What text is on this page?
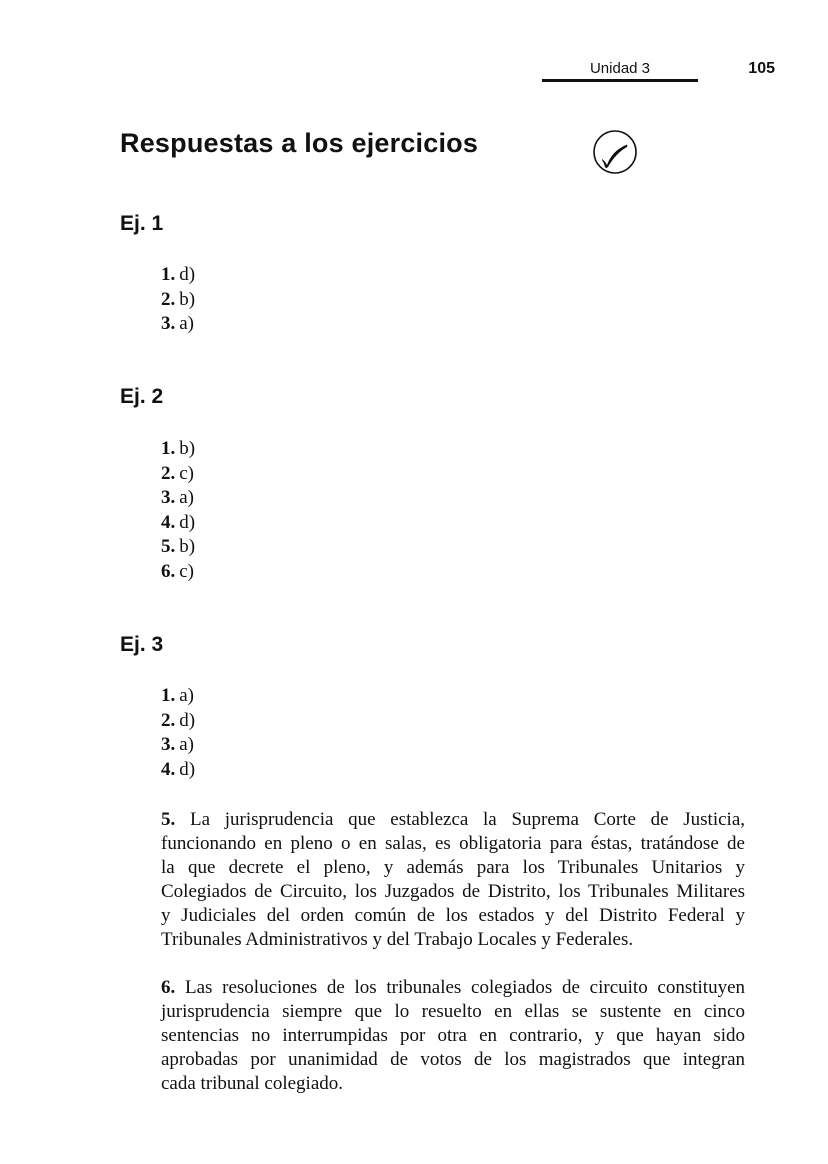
Unidad 3	105
Respuestas a los ejercicios
Ej. 1
1. d)
2. b)
3. a)
Ej. 2
1. b)
2. c)
3. a)
4. d)
5. b)
6. c)
Ej. 3
1. a)
2. d)
3. a)
4. d)
5. La jurisprudencia que establezca la Suprema Corte de Justicia,
funcionando en pleno o en salas, es obligatoria para éstas, tratándose de
la que decrete el pleno, y además para los Tribunales Unitarios y
Colegiados de Circuito, los Juzgados de Distrito, los Tribunales Militares
y Judiciales del orden común de los estados y del Distrito Federal y
Tribunales Administrativos y del Trabajo Locales y Federales.
6. Las resoluciones de los tribunales colegiados de circuito constituyen
jurisprudencia siempre que lo resuelto en ellas se sustente en cinco
sentencias no interrumpidas por otra en contrario, y que hayan sido
aprobadas por unanimidad de votos de los magistrados que integran
cada tribunal colegiado.
